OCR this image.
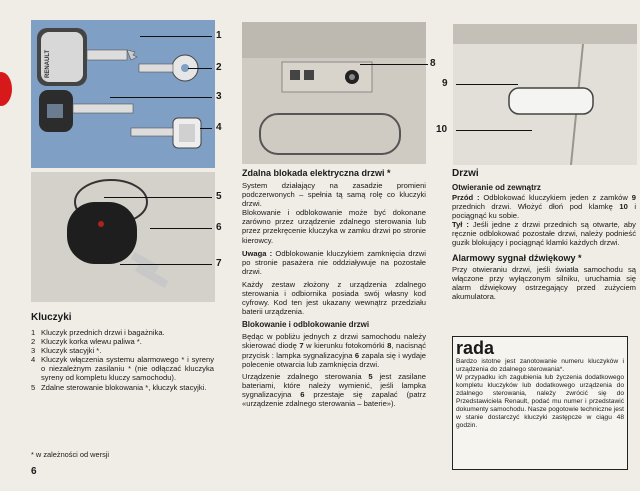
RENAULT
1
2
3
4
5
6
7
8
9
10
Kluczyki
1 Kluczyk przednich drzwi i bagażnika.
2 Kluczyk korka wlewu paliwa *.
3 Kluczyk stacyjki *.
4 Kluczyk włączenia systemu alarmowego * i syreny o niezależnym zasilaniu * (nie odłączać kluczyka syreny od kompletu kluczy samochodu).
5 Zdalne sterowanie blokowania *, kluczyk stacyjki.
* w zależności od wersji
6
Zdalna blokada elektryczna drzwi *
System działający na zasadzie promieni podczerwonych – spełnia tą samą rolę co kluczyki drzwi.
Blokowanie i odblokowanie może być dokonane zarówno przez urządzenie zdalnego sterowania lub przez przekręcenie kluczyka w zamku drzwi po stronie kierowcy.
Uwaga : Odblokowanie kluczykiem zamknięcia drzwi po stronie pasażera nie oddziaływuje na pozostałe drzwi.
Każdy zestaw złożony z urządzenia zdalnego sterowania i odbiornika posiada swój własny kod cyfrowy. Kod ten jest ukazany wewnątrz przedziału baterii urządzenia.
Blokowanie i odblokowanie drzwi
Będąc w pobliżu jednych z drzwi samochodu należy skierować diodę 7 w kierunku fotokomórki 8, nacisnąć przycisk : lampka sygnalizacyjna 6 zapala się i wydaje polecenie otwarcia lub zamknięcia drzwi.
Urządzenie zdalnego sterowania 5 jest zasilane bateriami, które należy wymienić, jeśli lampka sygnalizacyjna 6 przestaje się zapalać (patrz «urządzenie zdalnego sterowania – baterie»).
Drzwi
Otwieranie od zewnątrz
Przód : Odblokować kluczykiem jeden z zamków 9 przednich drzwi. Włożyć dłoń pod klamkę 10 i pociągnąć ku sobie.
Tył : Jeśli jedne z drzwi przednich są otwarte, aby ręcznie odblokować pozostałe drzwi, należy podnieść guzik blokujący i pociągnąć klamki każdych drzwi.
Alarmowy sygnał dźwiękowy *
Przy otwieraniu drzwi, jeśli światła samochodu są włączone przy wyłączonym silniku, uruchamia się alarm dźwiękowy ostrzegający przed zużyciem akumulatora.
rada
Bardzo istotne jest zanotowanie numeru kluczyków i urządzenia do zdalnego sterowania*.
W przypadku ich zagubienia lub życzenia dodatkowego kompletu kluczyków lub dodatkowego urządzenia do zdalnego sterowania, należy zwrócić się do Przedstawiciela Renault, podać mu numer i przedstawić dokumenty samochodu. Nasze pogotowie techniczne jest w stanie dostarczyć kluczyki zastępcze w ciągu 48 godzin.
